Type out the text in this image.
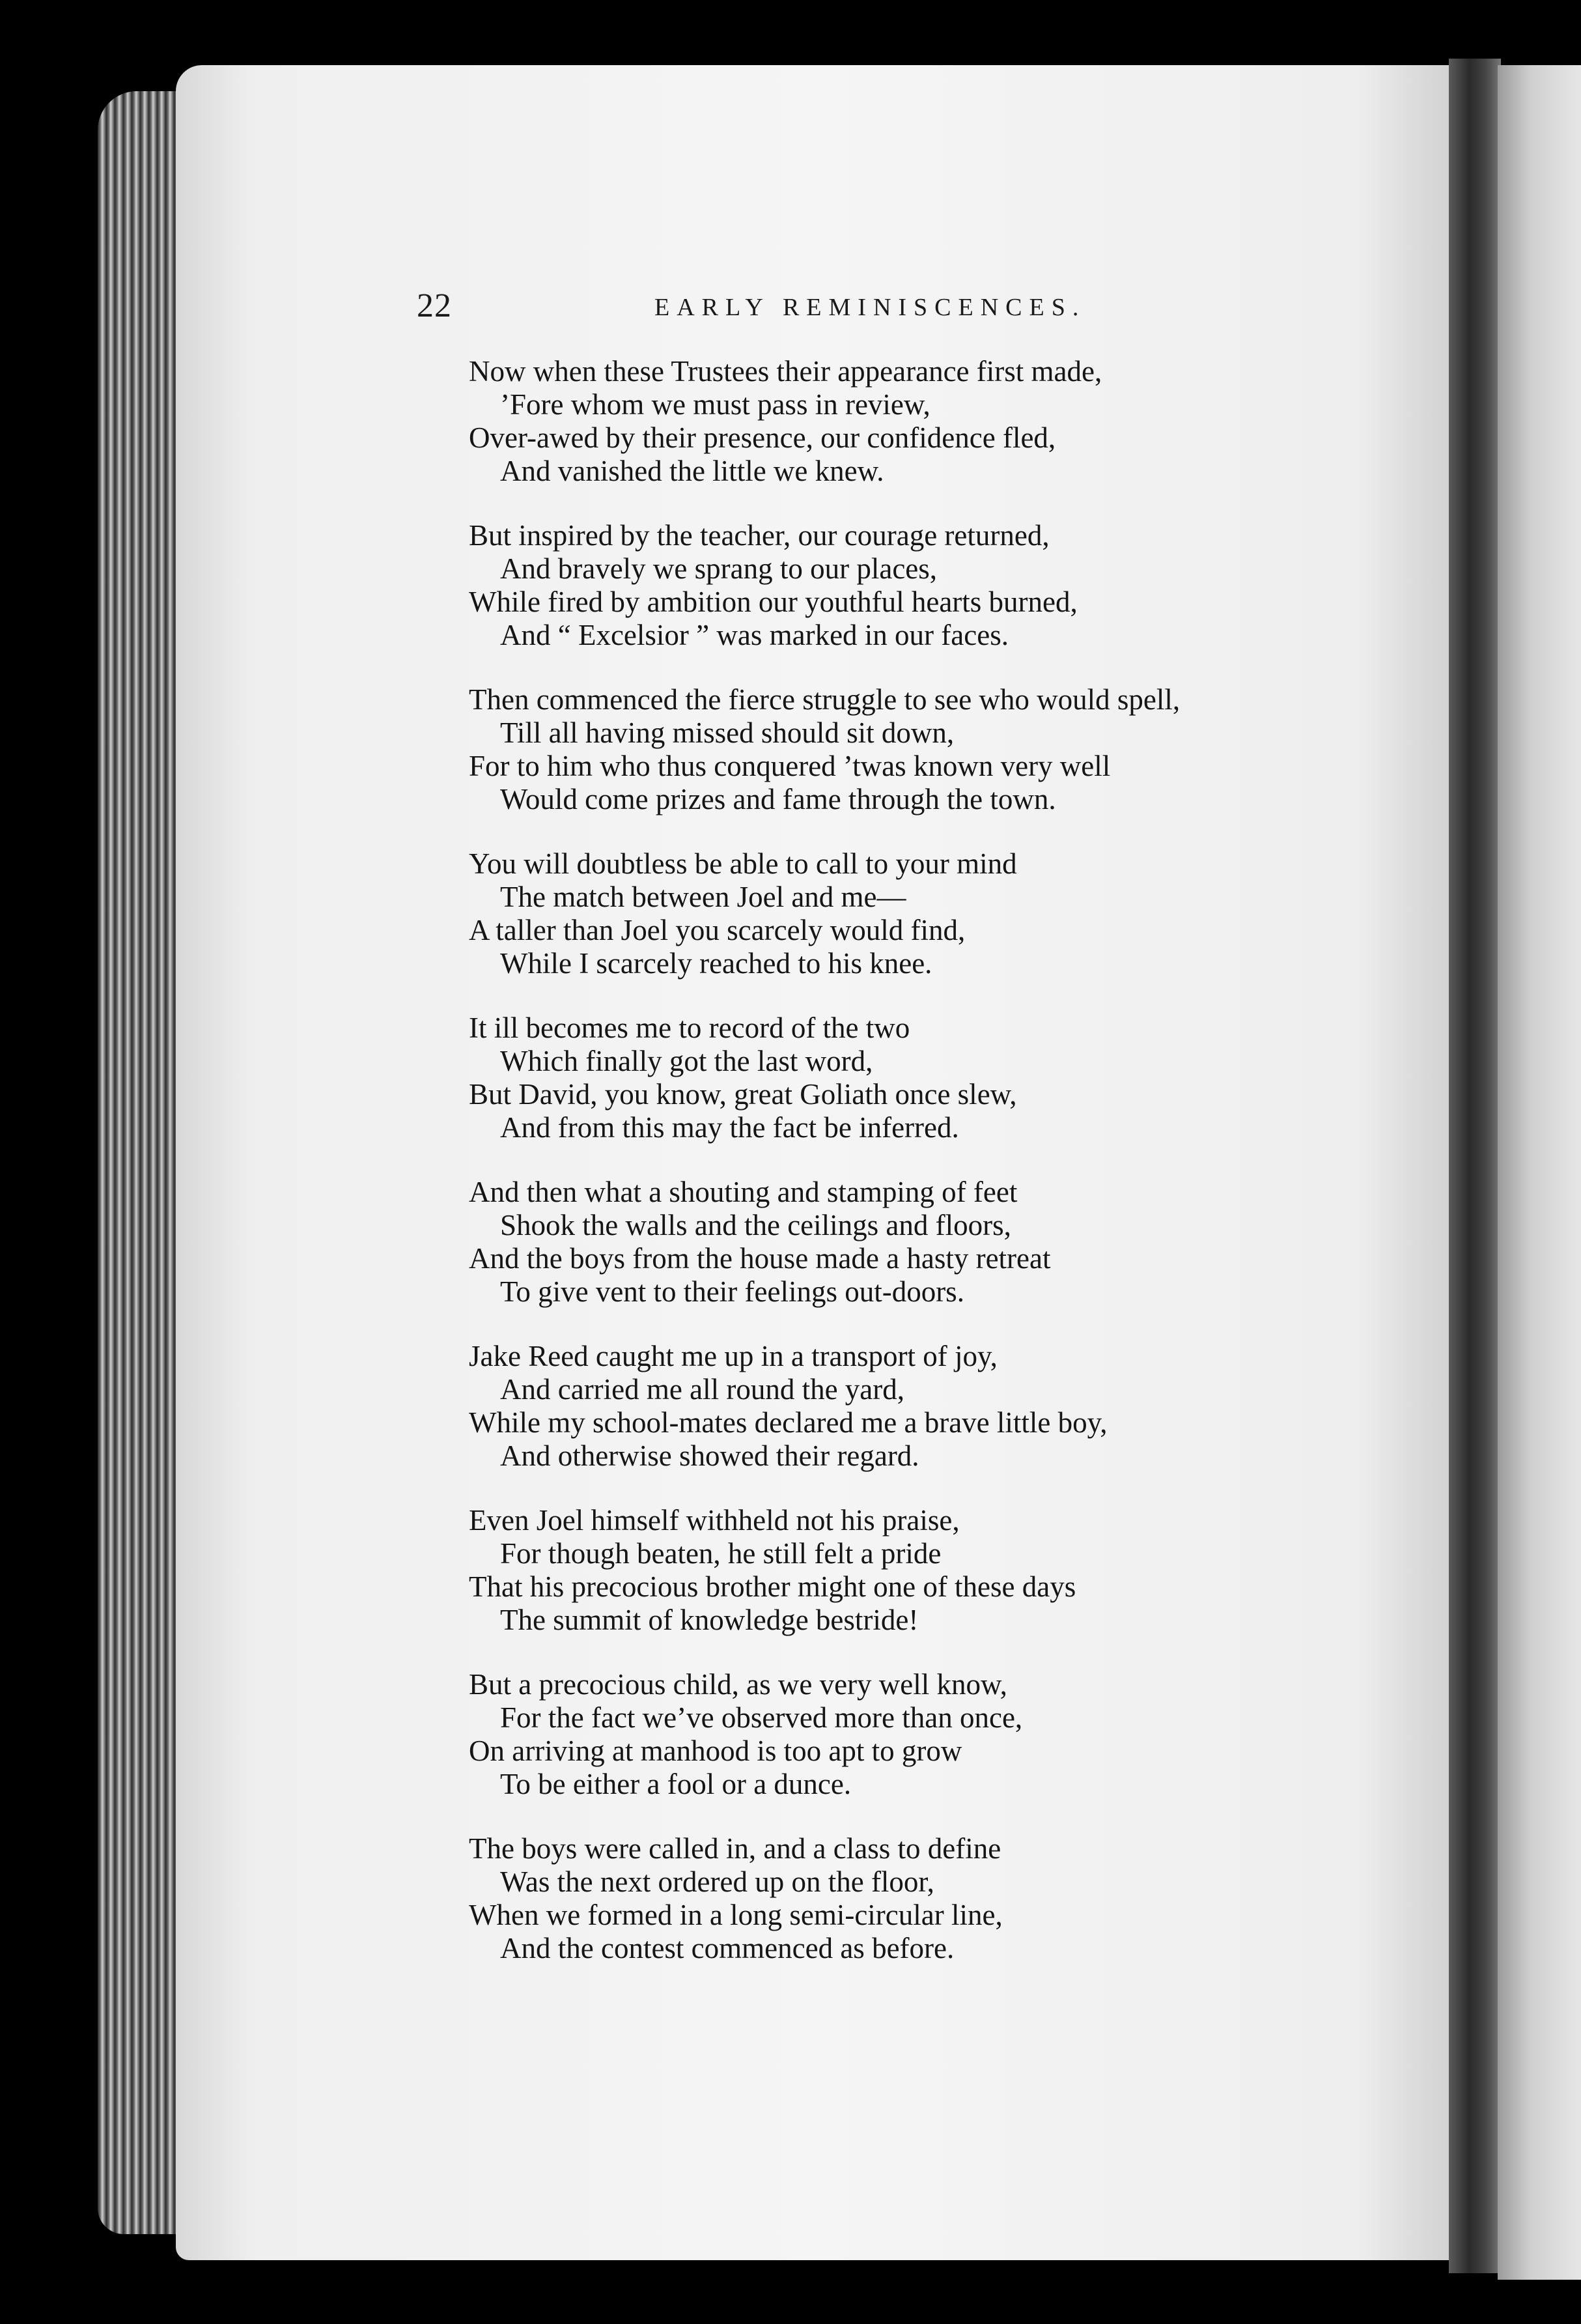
22	EARLY REMINISCENCES.
Now when these Trustees their appearance first made,
’Fore whom we must pass in review,
Over-awed by their presence, our confidence fled,
And vanished the little we knew.
But inspired by the teacher, our courage returned,
And bravely we sprang to our places,
While fired by ambition our youthful hearts burned,
And “ Excelsior ” was marked in our faces.
Then commenced the fierce struggle to see who would spell,
Till all having missed should sit down,
For to him who thus conquered ’twas known very well
Would come prizes and fame through the town.
You will doubtless be able to call to your mind
The match between Joel and me—
A taller than Joel you scarcely would find,
While I scarcely reached to his knee.
It ill becomes me to record of the two
Which finally got the last word,
But David, you know, great Goliath once slew,
And from this may the fact be inferred.
And then what a shouting and stamping of feet
Shook the walls and the ceilings and floors,
And the boys from the house made a hasty retreat
To give vent to their feelings out-doors.
Jake Reed caught me up in a transport of joy,
And carried me all round the yard,
While my school-mates declared me a brave little boy,
And otherwise showed their regard.
Even Joel himself withheld not his praise,
For though beaten, he still felt a pride
That his precocious brother might one of these days
The summit of knowledge bestride!
But a precocious child, as we very well know,
For the fact we’ve observed more than once,
On arriving at manhood is too apt to grow
To be either a fool or a dunce.
The boys were called in, and a class to define
Was the next ordered up on the floor,
When we formed in a long semi-circular line,
And the contest commenced as before.
